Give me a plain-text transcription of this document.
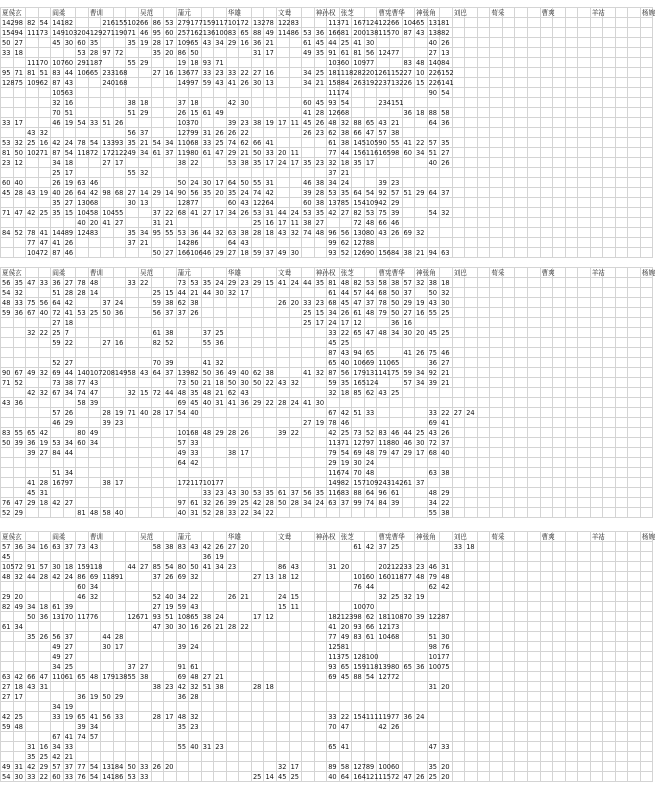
夏侯玄				阎柔			曹训				吴范			蒲元				华雄				文鸯			神孙权		张芝			曹宪曹华			神张角			刘巴			荀采				曹爽				羊祜				杨婉
142	98	82	54	141	82			216	155	102	66	86	53	279	177	159	117	101	72	132	78	122	83			113	71	167	124	122	66	104	65	131	81																
154	94	111	73	149	103	204	129	271	190	71	46	95	60	257	162	136	100	83	65	88	49	114	86	53	36	166	81	200	138	115	70	87	43	138	82																
50	27			45	30	60	35			35	19	28	17	109	65	43	34	29	16	36	21			61	45	44	25	41	30					40	26																
33	18					53	28	97	72			35	20	86	50					31	17			49	35	91	61	81	56	124	77			27	13																
		111	70	107	60	291	187			55	29			19	18	93	71									103	60	109	77			83	48	140	84																
95	71	81	51	83	44	106	65	233	168			27	16	136	77	33	23	33	22	27	16			34	25	181	118	282	201	261	152	27	10	226	152																
128	75	109	62	87	43			240	168					149	97	59	43	41	26	30	13			34	21	158	84	263	192	237	132	26	15	226	141																
				105	63																					111	74							90	54																
				32	16					38	18			37	18			42	30					60	45	93	54			234	151																				
				70	51					51	29			26	15	61	49							41	28	126	68					36	18	88	58																
33	17			46	19	54	33	51	26					103	70			39	23	38	19	17	11	45	26	48	32	88	65	43	21			64	36																
		43	32							56	37			127	99	31	26	26	22					26	23	62	38	66	47	57	38																				
53	32	25	16	42	24	78	54	133	93	35	21	54	34	110	68	33	25	74	62	66	41					61	38	145	105	90	55	41	22	57	35																
81	50	102	71	87	54	118	72	172	122	49	34	61	37	119	80	61	47	29	21	50	33	20	11			77	44	156	116	165	98	60	34	51	27																
23	12			34	18			27	17					38	22			53	38	35	17	24	17	35	23	32	18	35	17					40	26																
				25	17					55	32															37	21																								
60	40			26	19	63	46							50	24	30	17	64	50	55	31			46	38	34	24			39	23																				
45	28	43	19	40	26	64	42	98	68	27	14	29	14	90	56	35	20	35	24	74	42			39	28	53	35	64	54	92	57	51	29	64	37																
				35	27	130	68			30	13			128	77			60	43	122	64			60	38	137	85	154	109	42	29																				
71	47	42	25	35	15	104	58	104	55			37	22	68	41	27	17	34	26	53	31	44	24	53	35	42	27	82	53	75	39			54	32																
						40	20	41	27			31	21							25	16	17	11	38	27			72	48	66	46																				
84	52	78	41	144	89	124	83			35	34	95	55	53	36	44	32	63	38	28	18	43	32	74	48	96	56	130	80	43	26	69	32																		
		77	47	41	26					37	21			142	86			64	43							99	62	127	88																						
		104	72	87	46							50	27	166	106	46	29	27	18	59	37	49	30			93	52	126	90	156	84	38	21	94	63																
夏侯玄				阎柔			曹训				吴范			蒲元				华雄				文鸯			神孙权		张芝			曹宪曹华			神张角			刘巴			荀采				曹爽				羊祜				杨婉
56	35	47	33	36	27	78	48			33	22			73	53	35	24	29	23	29	15	41	24	44	35	81	48	82	53	58	38	57	32	38	18																
54	32			51	28	28	14					25	15	44	21	44	30	32	17							61	44	57	44	68	50	37		50	32																
48	33	75	56	64	42			37	24			59	38	62	38							26	20	33	23	68	45	47	37	78	50	29	19	43	30																
59	36	67	40	72	41	53	25	50	36			56	37	37	26									25	15	34	26	61	48	79	50	27	16	55	25																
				27	18																			25	17	24	17	12			36	16																			
		32	22	25	7							61	38			37	25									33	22	65	47	48	34	30	20	45	25																
				59	22			27	16			82	52			55	36									45	25																								
																										87	43	94	65			41	26	75	46																
				52	27							70	39			41	32									65	40	106	69	110	65			36	27																
90	67	49	32	69	44	140	107	208	149	58	43	64	37	139	82	50	36	49	40	62	38			41	32	87	56	179	131	141	75	59	34	92	21																
71	52			73	38	77	43							73	50	21	18	50	30	50	22	43	32			59	35	165	124			57	34	39	21																
		42	32	67	34	74	47			32	15	72	44	48	35	48	21	62	43							32	18	85	62	43	25																				
43	36					58	39							69	45	40	31	41	36	29	22	28	24	41	30																										
				57	26			28	19	71	40	28	17	54	40											67	42	51	33					33	22	27	24														
				46	29			39	23															27	19	78	46							69	41																
83	55	65	42			80	49							101	68	48	29	28	26			39	22			42	25	73	52	83	46	44	25	43	26																
50	39	36	19	53	34	60	34							57	33											113	71	127	97	118	80	46	30	72	37																
		39	27	84	44									49	33			38	17							79	54	69	48	79	47	29	17	68	40																
														64	42											29	19	30	24																						
				51	34																					116	74	70	48					63	38																
		41	28	167	97			38	17					172	117	101	77									149	82	157	109	243	142	61	37																		
		45	31													33	23	43	30	53	35	61	37	56	35	116	83	88	64	96	61			48	29																
76	47	29	18	42	27									97	61	32	26	39	25	42	28	50	28	34	24	63	37	99	74	84	39			34	22																
52	29					81	48	58	40					40	31	52	28	33	22	34	22													55	38																
夏侯玄				阎柔			曹训				吴范			蒲元				华雄				文鸯			神孙权		张芝			曹宪曹华			神张角			刘巴			荀采				曹爽				羊祜				杨婉
57	36	34	16	63	37	73	43					58	38	83	43	42	26	27	20									61	42	37	25					33	18														
45																36	19																																		
105	72	91	57	30	18	159	118			44	27	85	54	80	50	41	34	23				86	43			31	20			202	122	33	23	46	31																
48	32	44	28	42	24	86	69	118	91			37	26	69	32					27	13	18	12					101	60	160	118	77	48	79	48																
						60	34																					76	44					62	42																
29	20					46	32					52	40	34	22			26	21			24	15							32	25	32	19																		
82	49	34	18	61	39							27	19	59	43							15	11					100	70																						
		50	36	131	70	117	76			126	71	93	51	108	65	38	24			17	12					182	123	98	62	181	108	70	39	122	87																
61	34											47	30	30	16	26	21	28	22							41	20	93	66	121	73																				
		35	26	56	37			44	28																	77	49	83	61	104	68			51	30																
				49	27			30	17					39	24											125	81							98	76																
				49	27																					113	75	128	100					101	77																
				34	25					37	27			91	61											93	65	159	118	139	80	65	36	100	75																
63	42	66	47	110	61	65	48	179	138	55	38			69	48	27	21									69	45	88	54	127	72																				
27	18	43	31									38	23	42	32	51	38			28	18													31	20																
27	17					36	19	50	29					36	28																																				
				34	19																																														
42	25			33	19	65	41	56	33			28	17	48	32											33	22	154	111	119	77	36	24																		
59	48					39	34							35	23											70	47			42	26																				
				67	41	74	57																																												
		31	16	34	33									55	40	31	23									65	41							47	33																
		35	25	42	21																																														
49	31	42	29	57	37	77	54	131	84	50	33	26	20									32	17			89	58	127	89	100	60			35	20																
54	30	33	22	60	33	76	54	141	86	53	33									25	14	45	25			40	64	164	121	115	72	47	26	25	20																
